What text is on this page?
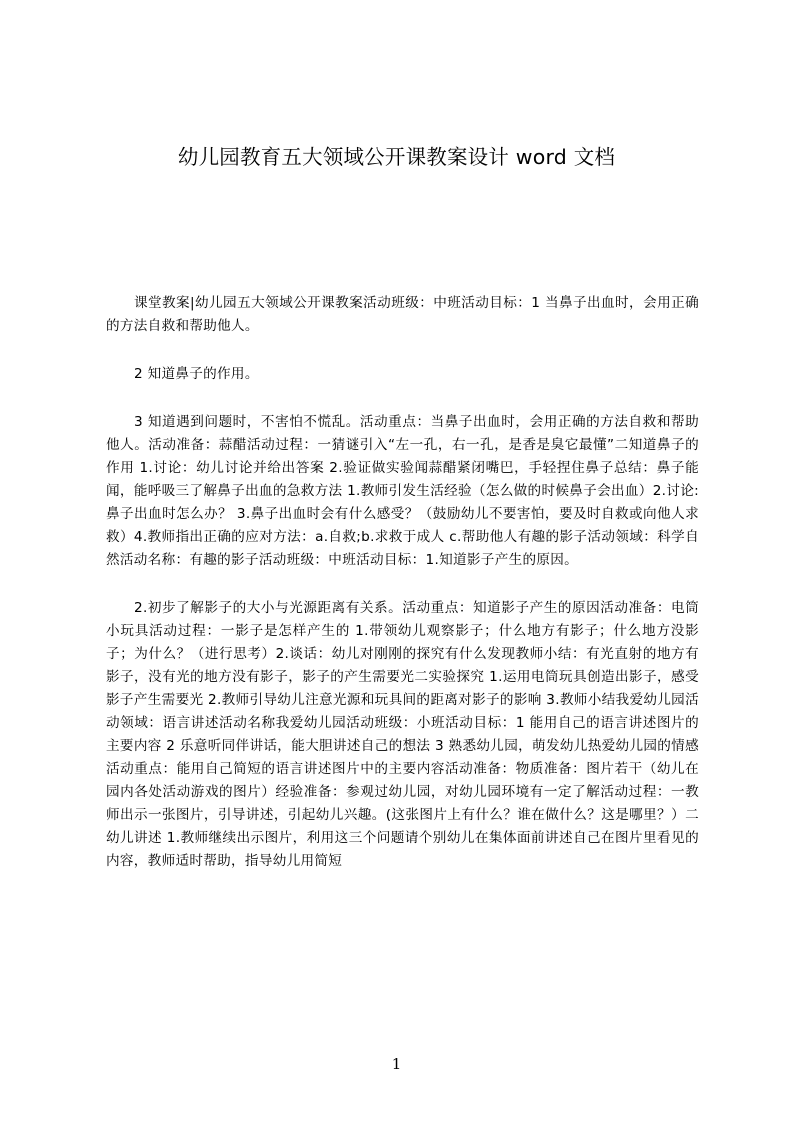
幼儿园教育五大领域公开课教案设计 word 文档

课堂教案|幼儿园五大领域公开课教案活动班级：中班活动目标：1 当鼻子出血时，会用正确的方法自救和帮助他人。

2 知道鼻子的作用。

3 知道遇到问题时，不害怕不慌乱。活动重点：当鼻子出血时，会用正确的方法自救和帮助他人。活动准备：蒜醋活动过程：一猜谜引入“左一孔，右一孔，是香是臭它最懂”二知道鼻子的作用 1.讨论：幼儿讨论并给出答案 2.验证做实验闻蒜醋紧闭嘴巴，手轻捏住鼻子总结：鼻子能闻，能呼吸三了解鼻子出血的急救方法 1.教师引发生活经验（怎么做的时候鼻子会出血）2.讨论:鼻子出血时怎么办？ 3.鼻子出血时会有什么感受？（鼓励幼儿不要害怕，要及时自救或向他人求救）4.教师指出正确的应对方法：a.自救;b.求救于成人 c.帮助他人有趣的影子活动领域：科学自然活动名称：有趣的影子活动班级：中班活动目标：1.知道影子产生的原因。

2.初步了解影子的大小与光源距离有关系。活动重点：知道影子产生的原因活动准备：电筒小玩具活动过程：一影子是怎样产生的 1.带领幼儿观察影子；什么地方有影子；什么地方没影子；为什么？（进行思考）2.谈话：幼儿对刚刚的探究有什么发现教师小结：有光直射的地方有影子，没有光的地方没有影子，影子的产生需要光二实验探究 1.运用电筒玩具创造出影子，感受影子产生需要光 2.教师引导幼儿注意光源和玩具间的距离对影子的影响 3.教师小结我爱幼儿园活动领域：语言讲述活动名称我爱幼儿园活动班级：小班活动目标：1 能用自己的语言讲述图片的主要内容 2 乐意听同伴讲话，能大胆讲述自己的想法 3 熟悉幼儿园，萌发幼儿热爱幼儿园的情感活动重点：能用自己简短的语言讲述图片中的主要内容活动准备：物质准备：图片若干（幼儿在园内各处活动游戏的图片）经验准备：参观过幼儿园，对幼儿园环境有一定了解活动过程：一教师出示一张图片，引导讲述，引起幼儿兴趣。(这张图片上有什么？谁在做什么？这是哪里？）二幼儿讲述 1.教师继续出示图片，利用这三个问题请个别幼儿在集体面前讲述自己在图片里看见的内容，教师适时帮助，指导幼儿用简短

1
